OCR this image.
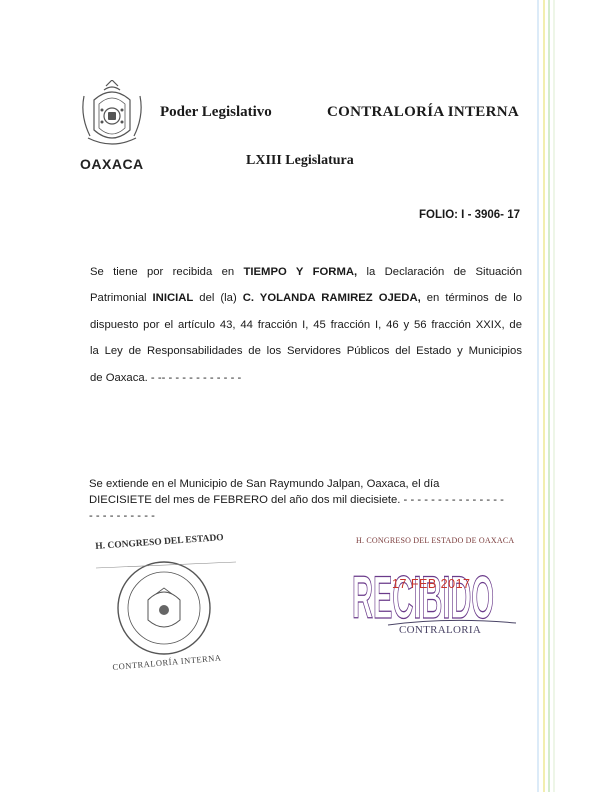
OAXACA
Poder Legislativo	CONTRALORÍA INTERNA
LXIII Legislatura
FOLIO: I - 3906- 17
Se tiene por recibida en TIEMPO Y FORMA, la Declaración de Situación
Patrimonial INICIAL del (la) C. YOLANDA RAMIREZ OJEDA, en términos de lo
dispuesto por el artículo 43, 44 fracción I, 45 fracción I, 46 y 56 fracción XXIX, de
la Ley de Responsabilidades de los Servidores Públicos del Estado y Municipios
de Oaxaca. - -- - - - - - - - - - - -
Se extiende en el Municipio de San Raymundo Jalpan, Oaxaca, el día
DIECISIETE del mes de FEBRERO del año dos mil diecisiete. - - - - - - - - - - - - - - -
- - - - - - - - - -
H. CONGRESO DEL ESTADO
CONTRALORÍA INTERNA
RECIBIDO
H. CONGRESO DEL ESTADO DE OAXACA
17 FEB 2017
CONTRALORIA
